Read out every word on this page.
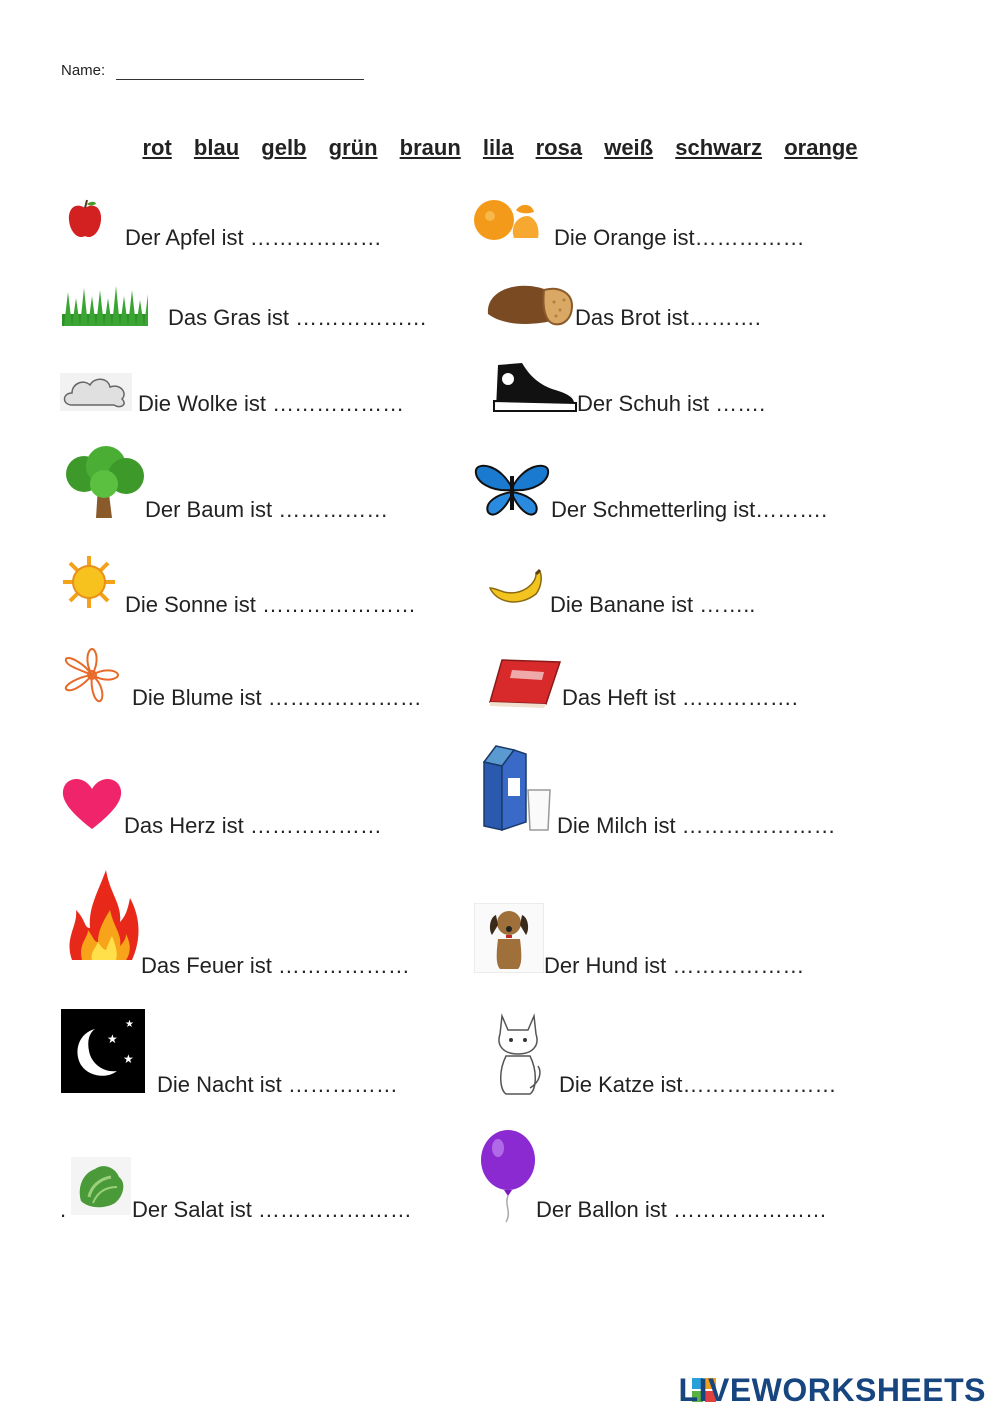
Name:
rot blau gelb grün braun lila rosa weiß schwarz orange
★
★
★
.
Der Apfel ist ………………
Das Gras ist ………………
Die Wolke ist ………………
Der Baum ist ……………
Die Sonne ist …………………
Die Blume ist …………………
Das Herz ist ………………
Das Feuer ist ………………
Die Nacht ist ……………
Der Salat ist …………………
Die Orange ist……………
Das Brot ist……….
Der Schuh ist …….
Der Schmetterling ist……….
Die Banane ist ……..
Das Heft ist …………….
Die Milch ist …………………
Der Hund ist ………………
Die Katze ist…………………
Der Ballon ist …………………
LIVEWORKSHEETS
